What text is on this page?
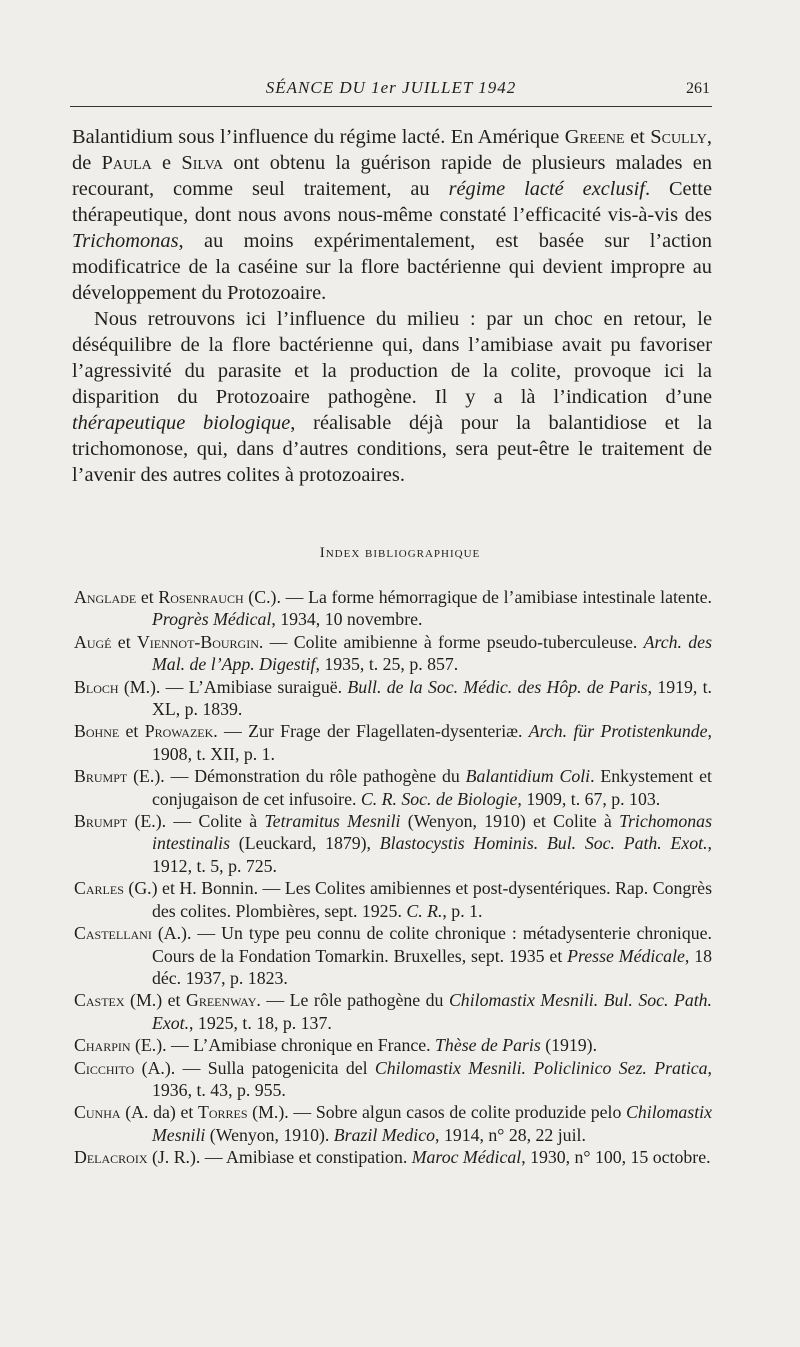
SÉANCE DU 1er JUILLET 1942	261

Balantidium sous l’influence du régime lacté. En Amérique Greene et Scully, de Paula e Silva ont obtenu la guérison rapide de plusieurs malades en recourant, comme seul traitement, au régime lacté exclusif. Cette thérapeutique, dont nous avons nous-même constaté l’efficacité vis-à-vis des Trichomonas, au moins expérimentalement, est basée sur l’action modificatrice de la caséine sur la flore bactérienne qui devient impropre au développement du Protozoaire.

Nous retrouvons ici l’influence du milieu : par un choc en retour, le déséquilibre de la flore bactérienne qui, dans l’amibiase avait pu favoriser l’agressivité du parasite et la production de la colite, provoque ici la disparition du Protozoaire pathogène. Il y a là l’indication d’une thérapeutique biologique, réalisable déjà pour la balantidiose et la trichomonose, qui, dans d’autres conditions, sera peut-être le traitement de l’avenir des autres colites à protozoaires.

Index bibliographique

Anglade et Rosenrauch (C.). — La forme hémorragique de l’amibiase intestinale latente. Progrès Médical, 1934, 10 novembre.

Augé et Viennot-Bourgin. — Colite amibienne à forme pseudo-tuberculeuse. Arch. des Mal. de l’App. Digestif, 1935, t. 25, p. 857.

Bloch (M.). — L’Amibiase suraiguë. Bull. de la Soc. Médic. des Hôp. de Paris, 1919, t. XL, p. 1839.

Bohne et Prowazek. — Zur Frage der Flagellaten-dysenteriæ. Arch. für Protistenkunde, 1908, t. XII, p. 1.

Brumpt (E.). — Démonstration du rôle pathogène du Balantidium Coli. Enkystement et conjugaison de cet infusoire. C. R. Soc. de Biologie, 1909, t. 67, p. 103.

Brumpt (E.). — Colite à Tetramitus Mesnili (Wenyon, 1910) et Colite à Trichomonas intestinalis (Leuckard, 1879), Blastocystis Hominis. Bul. Soc. Path. Exot., 1912, t. 5, p. 725.

Carles (G.) et H. Bonnin. — Les Colites amibiennes et post-dysentériques. Rap. Congrès des colites. Plombières, sept. 1925. C. R., p. 1.

Castellani (A.). — Un type peu connu de colite chronique : métadysenterie chronique. Cours de la Fondation Tomarkin. Bruxelles, sept. 1935 et Presse Médicale, 18 déc. 1937, p. 1823.

Castex (M.) et Greenway. — Le rôle pathogène du Chilomastix Mesnili. Bul. Soc. Path. Exot., 1925, t. 18, p. 137.

Charpin (E.). — L’Amibiase chronique en France. Thèse de Paris (1919).

Cicchito (A.). — Sulla patogenicita del Chilomastix Mesnili. Policlinico Sez. Pratica, 1936, t. 43, p. 955.

Cunha (A. da) et Torres (M.). — Sobre algun casos de colite produzide pelo Chilomastix Mesnili (Wenyon, 1910). Brazil Medico, 1914, n° 28, 22 juil.

Delacroix (J. R.). — Amibiase et constipation. Maroc Médical, 1930, n° 100, 15 octobre.
